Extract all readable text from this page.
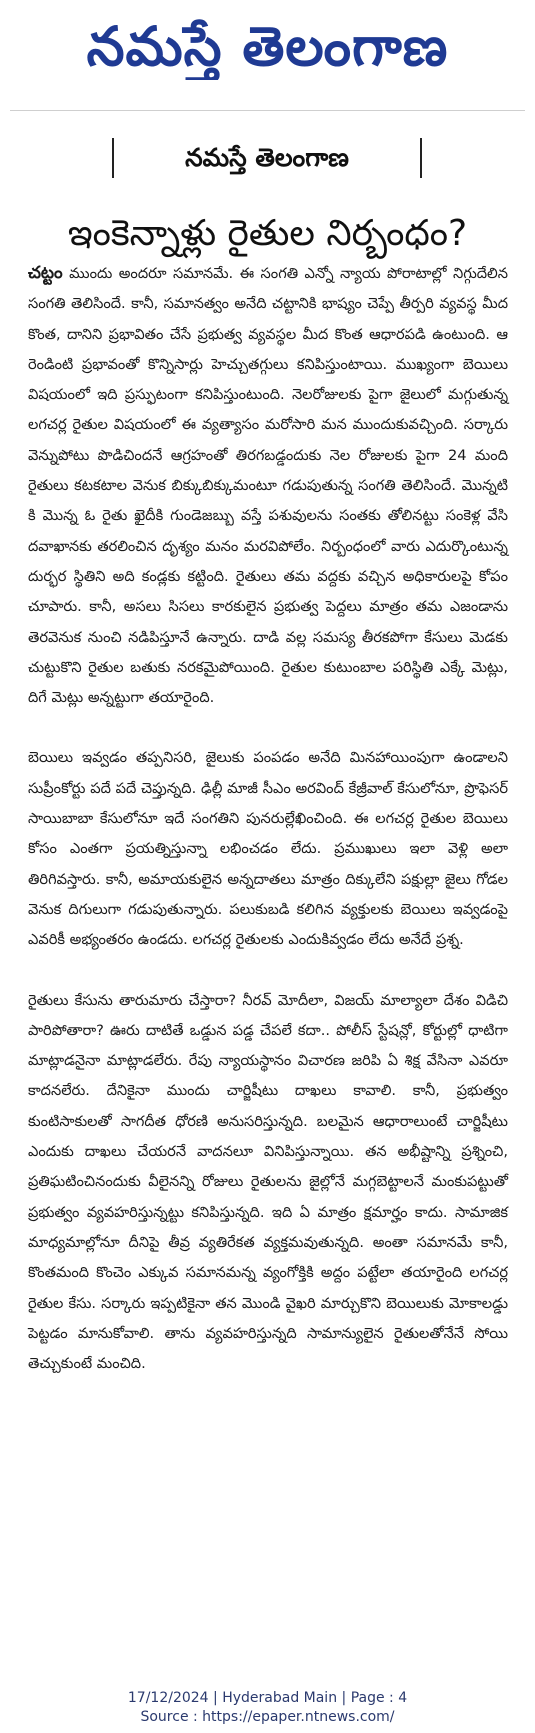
నమస్తే తెలంగాణ
నమస్తే తెలంగాణ
ఇంకెన్నాళ్లు రైతుల నిర్బంధం?

చట్టం ముందు అందరూ సమానమే. ఈ సంగతి ఎన్నో న్యాయ పోరాటాల్లో నిగ్గుదేలిన సంగతి తెలిసిందే. కానీ, సమానత్వం అనేది చట్టానికి భాష్యం చెప్పే తీర్పరి వ్యవస్థ మీద కొంత, దానిని ప్రభావితం చేసే ప్రభుత్వ వ్యవస్థల మీద కొంత ఆధారపడి ఉంటుంది. ఆ రెండింటి ప్రభావంతో కొన్నిసార్లు హెచ్చుతగ్గులు కనిపిస్తుంటాయి. ముఖ్యంగా బెయిలు విషయంలో ఇది ప్రస్ఫుటంగా కనిపిస్తుంటుంది. నెలరోజులకు పైగా జైలులో మగ్గుతున్న లగచర్ల రైతుల విషయంలో ఈ వ్యత్యాసం మరోసారి మన ముందుకువచ్చింది. సర్కారు వెన్నుపోటు పొడిచిందనే ఆగ్రహంతో తిరగబడ్డందుకు నెల రోజులకు పైగా 24 మంది రైతులు కటకటాల వెనుక బిక్కుబిక్కుమంటూ గడుపుతున్న సంగతి తెలిసిందే. మొన్నటి కి మొన్న ఓ రైతు ఖైదీకి గుండెజబ్బు వస్తే పశువులను సంతకు తోలినట్టు సంకెళ్ల వేసి దవాఖానకు తరలించిన దృశ్యం మనం మరవిపోలేం. నిర్బంధంలో వారు ఎదుర్కొంటున్న దుర్భర స్థితిని అది కండ్లకు కట్టింది. రైతులు తమ వద్దకు వచ్చిన అధికారులపై కోపం చూపారు. కానీ, అసలు సిసలు కారకులైన ప్రభుత్వ పెద్దలు మాత్రం తమ ఎజండాను తెరవెనుక నుంచి నడిపిస్తూనే ఉన్నారు. దాడి వల్ల సమస్య తీరకపోగా కేసులు మెడకు చుట్టుకొని రైతుల బతుకు నరకమైపోయింది. రైతుల కుటుంబాల పరిస్థితి ఎక్కే మెట్లు, దిగే మెట్లు అన్నట్టుగా తయారైంది.

బెయిలు ఇవ్వడం తప్పనిసరి, జైలుకు పంపడం అనేది మినహాయింపుగా ఉండాలని సుప్రీంకోర్టు పదే పదే చెప్తున్నది. ఢిల్లీ మాజీ సీఎం అరవింద్ కేజ్రీవాల్ కేసులోనూ, ప్రొఫెసర్ సాయిబాబా కేసులోనూ ఇదే సంగతిని పునరుల్లేఖించింది. ఈ లగచర్ల రైతుల బెయిలు కోసం ఎంతగా ప్రయత్నిస్తున్నా లభించడం లేదు. ప్రముఖులు ఇలా వెళ్లి అలా తిరిగివస్తారు. కానీ, అమాయకులైన అన్నదాతలు మాత్రం దిక్కులేని పక్షుల్లా జైలు గోడల వెనుక దిగులుగా గడుపుతున్నారు. పలుకుబడి కలిగిన వ్యక్తులకు బెయిలు ఇవ్వడంపై ఎవరికీ అభ్యంతరం ఉండదు. లగచర్ల రైతులకు ఎందుకివ్వడం లేదు అనేదే ప్రశ్న.

రైతులు కేసును తారుమారు చేస్తారా? నీరవ్ మోదీలా, విజయ్ మాల్యాలా దేశం విడిచి పారిపోతారా? ఊరు దాటితే ఒడ్డున పడ్డ చేపలే కదా.. పోలీస్ స్టేషన్లో, కోర్టుల్లో ధాటిగా మాట్లాడనైనా మాట్లాడలేరు. రేపు న్యాయస్థానం విచారణ జరిపి ఏ శిక్ష వేసినా ఎవరూ కాదనలేరు. దేనికైనా ముందు చార్జిషీటు దాఖలు కావాలి. కానీ, ప్రభుత్వం కుంటిసాకులతో సాగదీత ధోరణి అనుసరిస్తున్నది. బలమైన ఆధారాలుంటే చార్జిషీటు ఎందుకు దాఖలు చేయరనే వాదనలూ వినిపిస్తున్నాయి. తన అభీష్టాన్ని ప్రశ్నించి, ప్రతిఘటించినందుకు వీలైనన్ని రోజులు రైతులను జైల్లోనే మగ్గబెట్టాలనే మంకుపట్టుతో ప్రభుత్వం వ్యవహరిస్తున్నట్టు కనిపిస్తున్నది. ఇది ఏ మాత్రం క్షమార్హం కాదు. సామాజిక మాధ్యమాల్లోనూ దీనిపై తీవ్ర వ్యతిరేకత వ్యక్తమవుతున్నది. అంతా సమానమే కానీ, కొంతమంది కొంచెం ఎక్కువ సమానమన్న వ్యంగోక్తికి అద్దం పట్టేలా తయారైంది లగచర్ల రైతుల కేసు. సర్కారు ఇప్పటికైనా తన మొండి వైఖరి మార్చుకొని బెయిలుకు మోకాలడ్డు పెట్టడం మానుకోవాలి. తాను వ్యవహరిస్తున్నది సామాన్యులైన రైతులతోనేనే సోయి తెచ్చుకుంటే మంచిది.

17/12/2024 | Hyderabad Main | Page : 4
Source : https://epaper.ntnews.com/
